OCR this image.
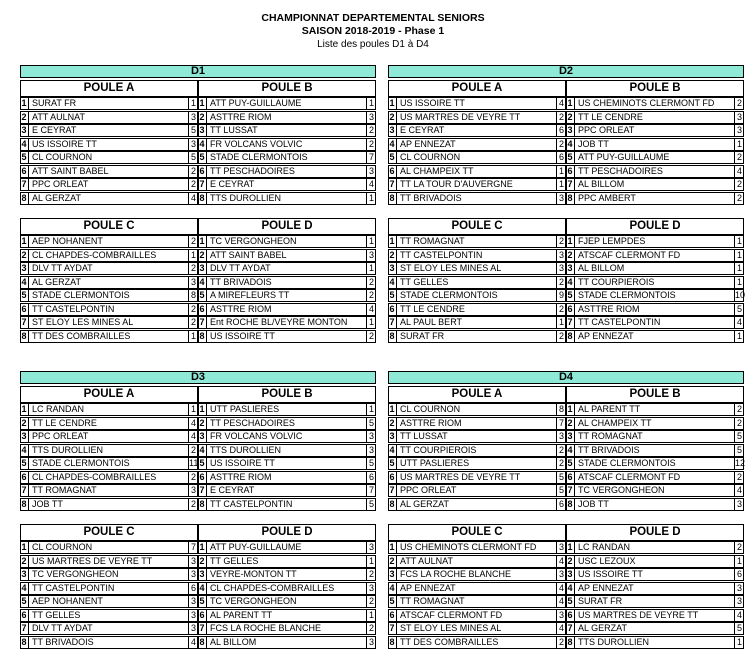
CHAMPIONNAT DEPARTEMENTAL SENIORS
SAISON 2018-2019 - Phase 1
Liste des poules D1 à D4
D1
POULE A
1 SURAT FR	1
2 ATT AULNAT	3
3 E CEYRAT	5
4 US ISSOIRE TT	3
5 CL COURNON	5
6 ATT SAINT BABEL	2
7 PPC ORLEAT	2
8 AL GERZAT	4
POULE B
1 ATT PUY-GUILLAUME	1
2 ASTTRE RIOM	3
3 TT LUSSAT	2
4 FR VOLCANS VOLVIC	2
5 STADE CLERMONTOIS	7
6 TT PESCHADOIRES	3
7 E CEYRAT	4
8 TTS DUROLLIEN	1
POULE C
1 AEP NOHANENT	2
2 CL CHAPDES-COMBRAILLES	1
3 DLV TT AYDAT	2
4 AL GERZAT	3
5 STADE CLERMONTOIS	8
6 TT CASTELPONTIN	2
7 ST ELOY LES MINES AL	2
8 TT DES COMBRAILLES	1
POULE D
1 TC VERGONGHEON	1
2 ATT SAINT BABEL	3
3 DLV TT AYDAT	1
4 TT BRIVADOIS	2
5 A MIREFLEURS TT	2
6 ASTTRE RIOM	4
7 Ent ROCHE BL/VEYRE MONTON	1
8 US ISSOIRE TT	2
D2
POULE A
1 US ISSOIRE TT	4
2 US MARTRES DE VEYRE TT	2
3 E CEYRAT	6
4 AP ENNEZAT	2
5 CL COURNON	6
6 AL CHAMPEIX TT	1
7 TT LA TOUR D'AUVERGNE	1
8 TT BRIVADOIS	3
POULE B
1 US CHEMINOTS CLERMONT FD	2
2 TT LE CENDRE	3
3 PPC ORLEAT	3
4 JOB TT	1
5 ATT PUY-GUILLAUME	2
6 TT PESCHADOIRES	4
7 AL BILLOM	2
8 PPC AMBERT	2
POULE C
1 TT ROMAGNAT	2
2 TT CASTELPONTIN	3
3 ST ELOY LES MINES AL	3
4 TT GELLES	2
5 STADE CLERMONTOIS	9
6 TT LE CENDRE	2
7 AL PAUL BERT	1
8 SURAT FR	2
POULE D
1 FJEP LEMPDES	1
2 ATSCAF CLERMONT FD	1
3 AL BILLOM	1
4 TT COURPIEROIS	1
5 STADE CLERMONTOIS	10
6 ASTTRE RIOM	5
7 TT CASTELPONTIN	4
8 AP ENNEZAT	1
D3
POULE A
1 LC RANDAN	1
2 TT LE CENDRE	4
3 PPC ORLEAT	4
4 TTS DUROLLIEN	2
5 STADE CLERMONTOIS	11
6 CL CHAPDES-COMBRAILLES	2
7 TT ROMAGNAT	3
8 JOB TT	2
POULE B
1 UTT PASLIERES	1
2 TT PESCHADOIRES	5
3 FR VOLCANS VOLVIC	3
4 TTS DUROLLIEN	3
5 US ISSOIRE TT	5
6 ASTTRE RIOM	6
7 E CEYRAT	7
8 TT CASTELPONTIN	5
POULE C
1 CL COURNON	7
2 US MARTRES DE VEYRE TT	3
3 TC VERGONGHEON	3
4 TT CASTELPONTIN	6
5 AEP NOHANENT	3
6 TT GELLES	3
7 DLV TT AYDAT	3
8 TT BRIVADOIS	4
POULE D
1 ATT PUY-GUILLAUME	3
2 TT GELLES	1
3 VEYRE-MONTON TT	2
4 CL CHAPDES-COMBRAILLES	3
5 TC VERGONGHEON	2
6 AL PARENT TT	1
7 FCS LA ROCHE BLANCHE	2
8 AL BILLOM	3
D4
POULE A
1 CL COURNON	8
2 ASTTRE RIOM	7
3 TT LUSSAT	3
4 TT COURPIEROIS	2
5 UTT PASLIERES	2
6 US MARTRES DE VEYRE TT	5
7 PPC ORLEAT	5
8 AL GERZAT	6
POULE B
1 AL PARENT TT	2
2 AL CHAMPEIX TT	2
3 TT ROMAGNAT	5
4 TT BRIVADOIS	5
5 STADE CLERMONTOIS	12
6 ATSCAF CLERMONT FD	2
7 TC VERGONGHEON	4
8 JOB TT	3
POULE C
1 US CHEMINOTS CLERMONT FD	3
2 ATT AULNAT	4
3 FCS LA ROCHE BLANCHE	3
4 AP ENNEZAT	4
5 TT ROMAGNAT	4
6 ATSCAF CLERMONT FD	3
7 ST ELOY LES MINES AL	4
8 TT DES COMBRAILLES	2
POULE D
1 LC RANDAN	2
2 USC LEZOUX	1
3 US ISSOIRE TT	6
4 AP ENNEZAT	3
5 SURAT FR	3
6 US MARTRES DE VEYRE TT	4
7 AL GERZAT	5
8 TTS DUROLLIEN	1
